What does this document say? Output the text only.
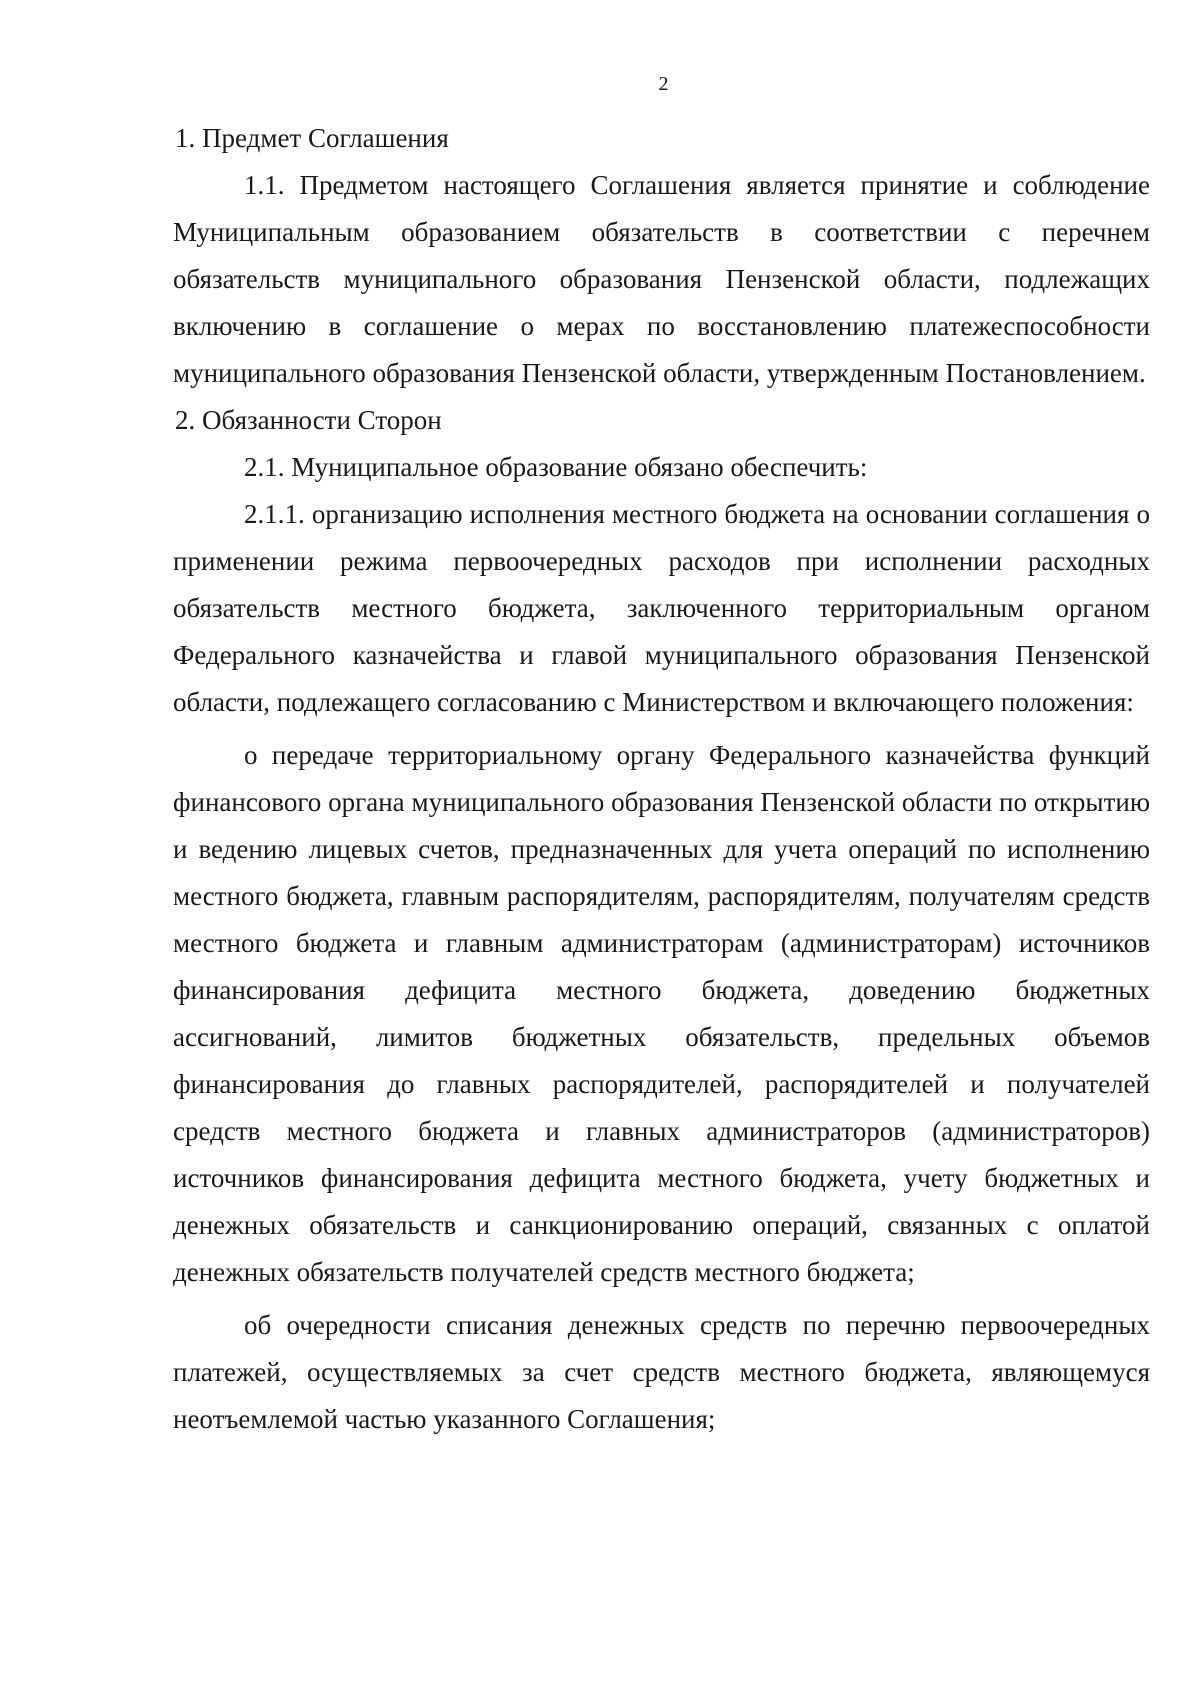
2

1. Предмет Соглашения

1.1. Предметом настоящего Соглашения является принятие и соблюдение Муниципальным образованием обязательств в соответствии с перечнем обязательств муниципального образования Пензенской области, подлежащих включению в соглашение о мерах по восстановлению платежеспособности муниципального образования Пензенской области, утвержденным Постановлением.

2. Обязанности Сторон

2.1. Муниципальное образование обязано обеспечить:

2.1.1. организацию исполнения местного бюджета на основании соглашения о применении режима первоочередных расходов при исполнении расходных обязательств местного бюджета, заключенного территориальным органом Федерального казначейства и главой муниципального образования Пензенской области, подлежащего согласованию с Министерством и включающего положения:

о передаче территориальному органу Федерального казначейства функций финансового органа муниципального образования Пензенской области по открытию и ведению лицевых счетов, предназначенных для учета операций по исполнению местного бюджета, главным распорядителям, распорядителям, получателям средств местного бюджета и главным администраторам (администраторам) источников финансирования дефицита местного бюджета, доведению бюджетных ассигнований, лимитов бюджетных обязательств, предельных объемов финансирования до главных распорядителей, распорядителей и получателей средств местного бюджета и главных администраторов (администраторов) источников финансирования дефицита местного бюджета, учету бюджетных и денежных обязательств и санкционированию операций, связанных с оплатой денежных обязательств получателей средств местного бюджета;

об очередности списания денежных средств по перечню первоочередных платежей, осуществляемых за счет средств местного бюджета, являющемуся неотъемлемой частью указанного Соглашения;
